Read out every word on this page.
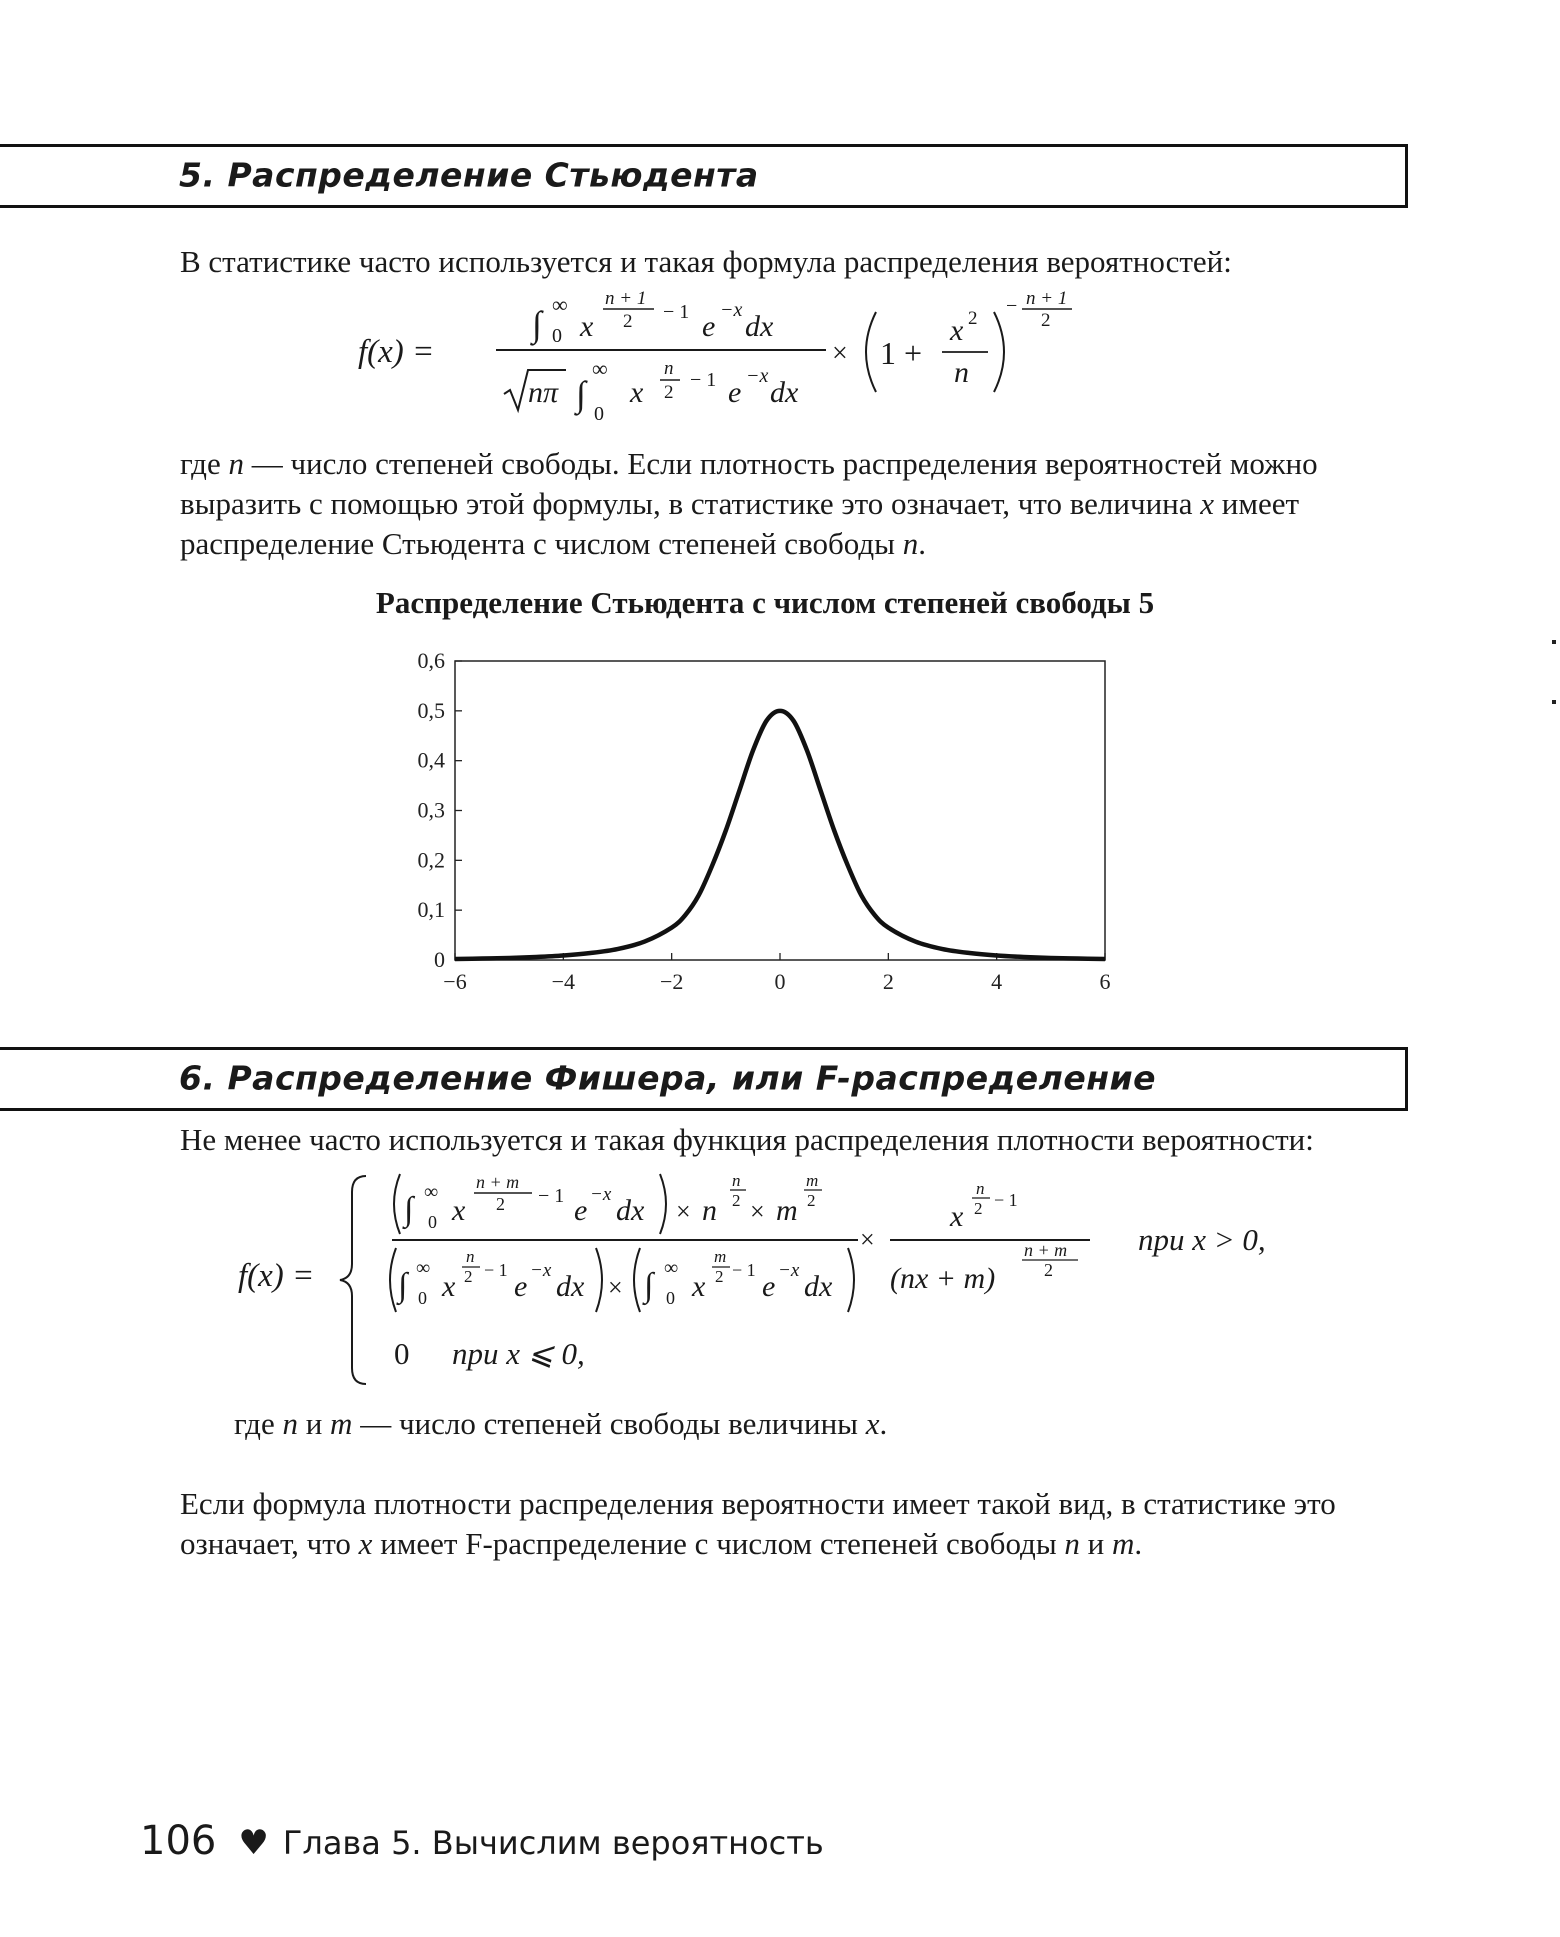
5. Распределение Стьюдента
В статистике часто используется и такая формула распределения вероятностей:
f(x) =
∫ ∞
0 x
n + 1
2 − 1 e −x dx
nπ ∫
∞
0
x
n
2
− 1 e −x dx
× 1 +
x 2
n
− n + 1
2
где n — число степеней свободы. Если плотность распределения вероятностей можно выразить с помощью этой формулы, в статистике это означает, что величина x имеет распределение Стьюдента с числом степеней свободы n.
Распределение Стьюдента с числом степеней свободы 5
−6	−4	−2	0	2	4	6
0
0,1
0,2
0,3
0,4
0,5
0,6
6. Распределение Фишера, или F-распределение
Не менее часто используется и такая функция распределения плотности вероятности:
f(x) =
∫ ∞
0 x
n + m
2 − 1 e −x dx × n
n
2 × m
m
2
∫ ∞
0 x
n
2 − 1 e −x dx × ∫ ∞
0 x
m
2 − 1 e −x dx
×
x
n
2 − 1
(nx + m)
n + m
2
при x > 0,
0 при x ⩽ 0,
где n и m — число степеней свободы величины x.
Если формула плотности распределения вероятности имеет такой вид, в статистике это означает, что x имеет F-распределение с числом степеней свободы n и m.
106 ♥ Глава 5. Вычислим вероятность
